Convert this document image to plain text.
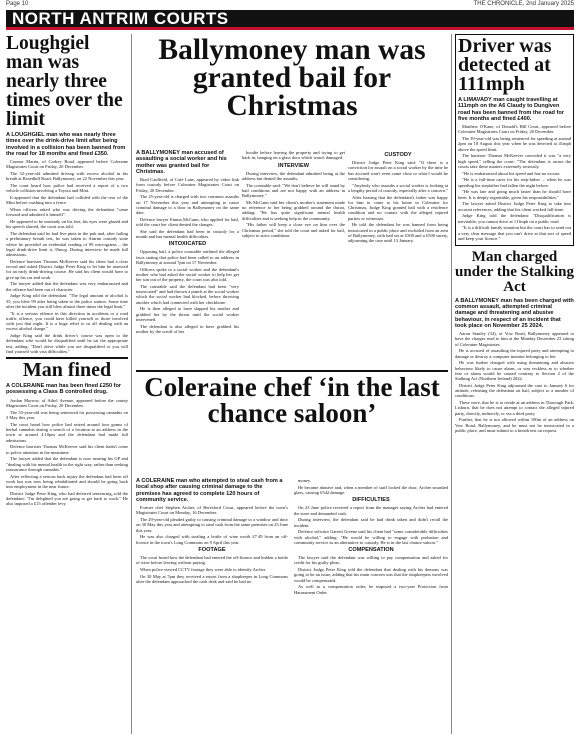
Page 10	THE CHRONICLE, 2nd January 2025
NORTH ANTRIM COURTS
Loughgiel man was nearly three times over the limit

A LOUGHGIEL man who was nearly three times over the drink-drive limit after being involved in a collision has been banned from the road for 18 months and fined £350.

Connor Martin, of Corkey Road, appeared before Coleraine Magistrates Court on Friday, 20 December.

The 32-year-old admitted driving with excess alcohol in his breath at Rosedhill Road, Ballymoney, on 22 November this year.

The court heard how police had received a report of a two vehicle collision involving a Toyota and Mini.

It appeared that the defendant had collided with the rear of the Mini before crashing into a fence.

When officers asked who was driving the defendant "came forward and admitted it himself".

He appeared to be unsteady on his feet, his eyes were glazed and his speech slurred, the court was told.

The defendant said he had five pints in the pub and, after failing a preliminary breath test, he was taken to Antrim custody suite where he provided an evidential reading of 99 micrograms – the legal drink-drive limit is 35mcg. During interview he made full admissions.

Defence barrister Thomas McKeever said his client had a clear record and asked District Judge Peter King to let him be assessed for an early drink-driving course. He said his client would have to give up his car and work.

The lawyer added that the defendant was very embarrassed and the offence had been out of character.

Judge King told the defendant: "The legal amount of alcohol is 35, you blew 99 after being taken to the police station. Some time after the incident you still blew almost three times the legal limit."

"It is a serious offence in this direction in accidents or a road traffic offence, you could have killed yourself or those involved with you that night. It is a huge relief to us all dealing with an excess alcohol charge."

Judge King said the drink driver's course was open to the defendant who would be disqualified until he sat the appropriate test, adding: "Don't drive while you are disqualified or you will find yourself with visa difficulties."

Man fined

A COLERAINE man has been fined £250 for possessing a Class B controlled drug.

Jordan Morrow, of Athol Avenue, appeared before the county Magistrates Court on Friday, 20 December.

The 33-year-old was being sentenced for possessing cannabis on 3 May this year.

The court heard how police had seized around four grams of herbal cannabis during a search of a location at an address in the town at around 4.10pm and the defendant had made full admissions.

Defence barrister Thomas McKeever said his client hadn't come to police attention in the meantime.

The lawyer added that the defendant is now nearing his GP and "dealing with his mental health in the right way, rather than seeking reassurance through cannabis."

After reflecting a serious back injury the defendant had been off work but was now being rehabilitated and should be going back into employment in the near future.

District Judge Peter King, who had deferred sentencing, told the defendant: "I'm delighted you are going to get back to work." He also imposed a £15 offender levy.

Ballymoney man was granted bail for Christmas

A BALLYMONEY man accused of assaulting a social worker and his mother was granted bail for Christmas.

Brad Caulfield, of Cafe Lane, appeared by video link from custody before Coleraine Magistrates Court on Friday, 20 December.

The 25-year-old is charged with two common assaults on 17 November this year and attempting to cause criminal damage to a door in Ballymoney on the same date.

Defence lawyer Emma McCann, who applied for bail, told the court her client denied the charges.

She said the defendant had been in custody for a month and has mental health difficulties.

INTOXICATED

Opposing bail, a police constable outlined the alleged facts stating that police had been called to an address in Ballymoney at around 7pm on 17 November.

Officers spoke to a social worker and the defendant's mother who had asked the social worker to help her get her son out of the property, the court was also told.

The constable said the defendant had been "very intoxicated" and had thrown a punch at the social worker which the social worker had blocked, before throwing another which had connected with her checkbone.

He is then alleged to have slapped his mother and grabbed her by the throat until the social worker intervened.

The defendant is also alleged to have grabbed his mother by the scruff of her

hoodie before leaving the property and trying to get back in, banging on a glass door which wasn't damaged.

INTERVIEW

During interview, the defendant admitted being at the address but denied the assaults.

The constable said: "We don't believe he will stand by bail conditions and are not happy with an address in Ballymoney."

Ms McCann said her client's mother's statement made no reference to her being grabbed around the throat, adding: "He has quite significant mental health difficulties and is seeking help in the community.

"His father will keep a close eye on him over the Christmas period," she told the court and asked for bail, subject to strict conditions.

CUSTODY

District Judge Peter King said: "If there is a conviction for assault on a social worker by the time he has accrued won't even come close to what I would be considering.

"Anybody who assaults a social worker is looking at a lengthy period of custody, especially after a concern."

After hearing that the defendant's father was happy for him to come to his home in Coleraine for Christmas, Judge King granted bail with a residence condition and no contact with the alleged injured parties or witnesses.

He told the defendant he was banned from being intoxicated in a public place and excluded from an area of Ballymoney, with bail set at £500 and a £500 surety, adjourning the case until 13 January.

Coleraine chef ‘in the last chance saloon’

A COLERAINE man who attempted to steal cash from a local shop after causing criminal damage to the premises has agreed to complete 120 hours of community service.

Former chef Stephen Archer, of Beresford Court, appeared before the town's Magistrates Court on Monday, 16 December.

The 29-year-old pleaded guilty to causing criminal damage to a window and door on 30 May this year and attempting to steal cash from the same premises on 23 June this year.

He was also charged with stealing a bottle of wine worth £7.49 from an off-licence in the town's Long Commons on 9 April this year.

FOOTAGE

The court heard how the defendant had entered the off-licence and hidden a bottle of wine before leaving without paying.

When police viewed CCTV footage they were able to identify Archer.

On 30 May at 7pm they received a report from a shopkeeper in Long Commons after the defendant approached the cash desk and said he had no

money.

He became abusive and, when a member of staff locked the door, Archer smashed glass, causing £542 damage.

DIFFICULTIES

On 23 June police received a report from the manager saying Archer had entered the store and demanded cash.

During interview, the defendant said he had drink taken and didn't recall the incident.

Defence solicitor Garrett Greene said his client had "some considerable difficulties with alcohol," adding: "He would be willing to engage with probation and community service as an alternative to custody. He is in the last chance saloon."

COMPENSATION

The lawyer said the defendant was willing to pay compensation and asked for credit for his guilty pleas.

District Judge Peter King told the defendant that dealing with his demons was going to be an issue, adding that his main concern was that the shopkeepers involved would be compensated.

As well as a compensation order, he imposed a two-year Protection from Harassment Order.

Driver was detected at 111mph

A LIMAVADY man caught travelling at 111mph on the A6 Claudy to Dungiven road has been banned from the road for five months and fined £400.

Matthew O'Kane, of Donald's Hill Court, appeared before Coleraine Magistrates Court on Friday, 20 December.

The 39-year-old was being sentenced for speeding at around 2pm on 18 August this year when he was detected at 41mph above the speed limit.

The barrister Thomas McKeever conceded it was "a very high speed," telling the court: "The defendant is aware the courts take these matters extremely seriously.

"He is embarrassed about his speed and has no excuse.

"He is a full-time carer for his step-father ... when he was speeding his stepfather had fallen the night before.

"He was late and going much faster than he should have been. It is deeply regrettable, given his responsibilities."

The lawyer asked District Judge Peter King to take into account references, adding that his client worked full-time.

Judge King told the defendant: "Disqualification is inevitable; you cannot drive at 111mph on a public road.

"It is a difficult family situation but the court has to send out a very clear message that you can't drive at that sort of speed and keep your licence."

Man charged under the Stalking Act

A BALLYMONEY man has been charged with common assault, attempted criminal damage and threatening and abusive behaviour, in respect of an incident that took place on November 25 2024.

Aaron Stanley (34), of Vow Road, Ballymoney appeared to have the charges read to him at the Monday December 23 sitting of Coleraine Magistrates.

He is accused of assaulting the injured party and attempting to damage or destroy a computer monitor belonging to her.

He was further charged with using threatening and abusive behaviour likely to cause alarm, or was reckless as to whether fear or alarm would be caused contrary to Section 2 of the Stalking Act (Northern Ireland) 2022.

District Judge Peter King adjourned the case to January 6 for attitude, releasing the defendant on bail, subject to a number of conditions.

These were, that he is to reside at an address in Thorough Park, Lisburn, that he does not attempt to contact the alleged injured party, directly, indirectly, or via a third party.

Further, that he is not allowed within 100m of an address on Vow Road, Ballymoney, and he must not be intoxicated in a public place, and must submit to a breath test on request.
